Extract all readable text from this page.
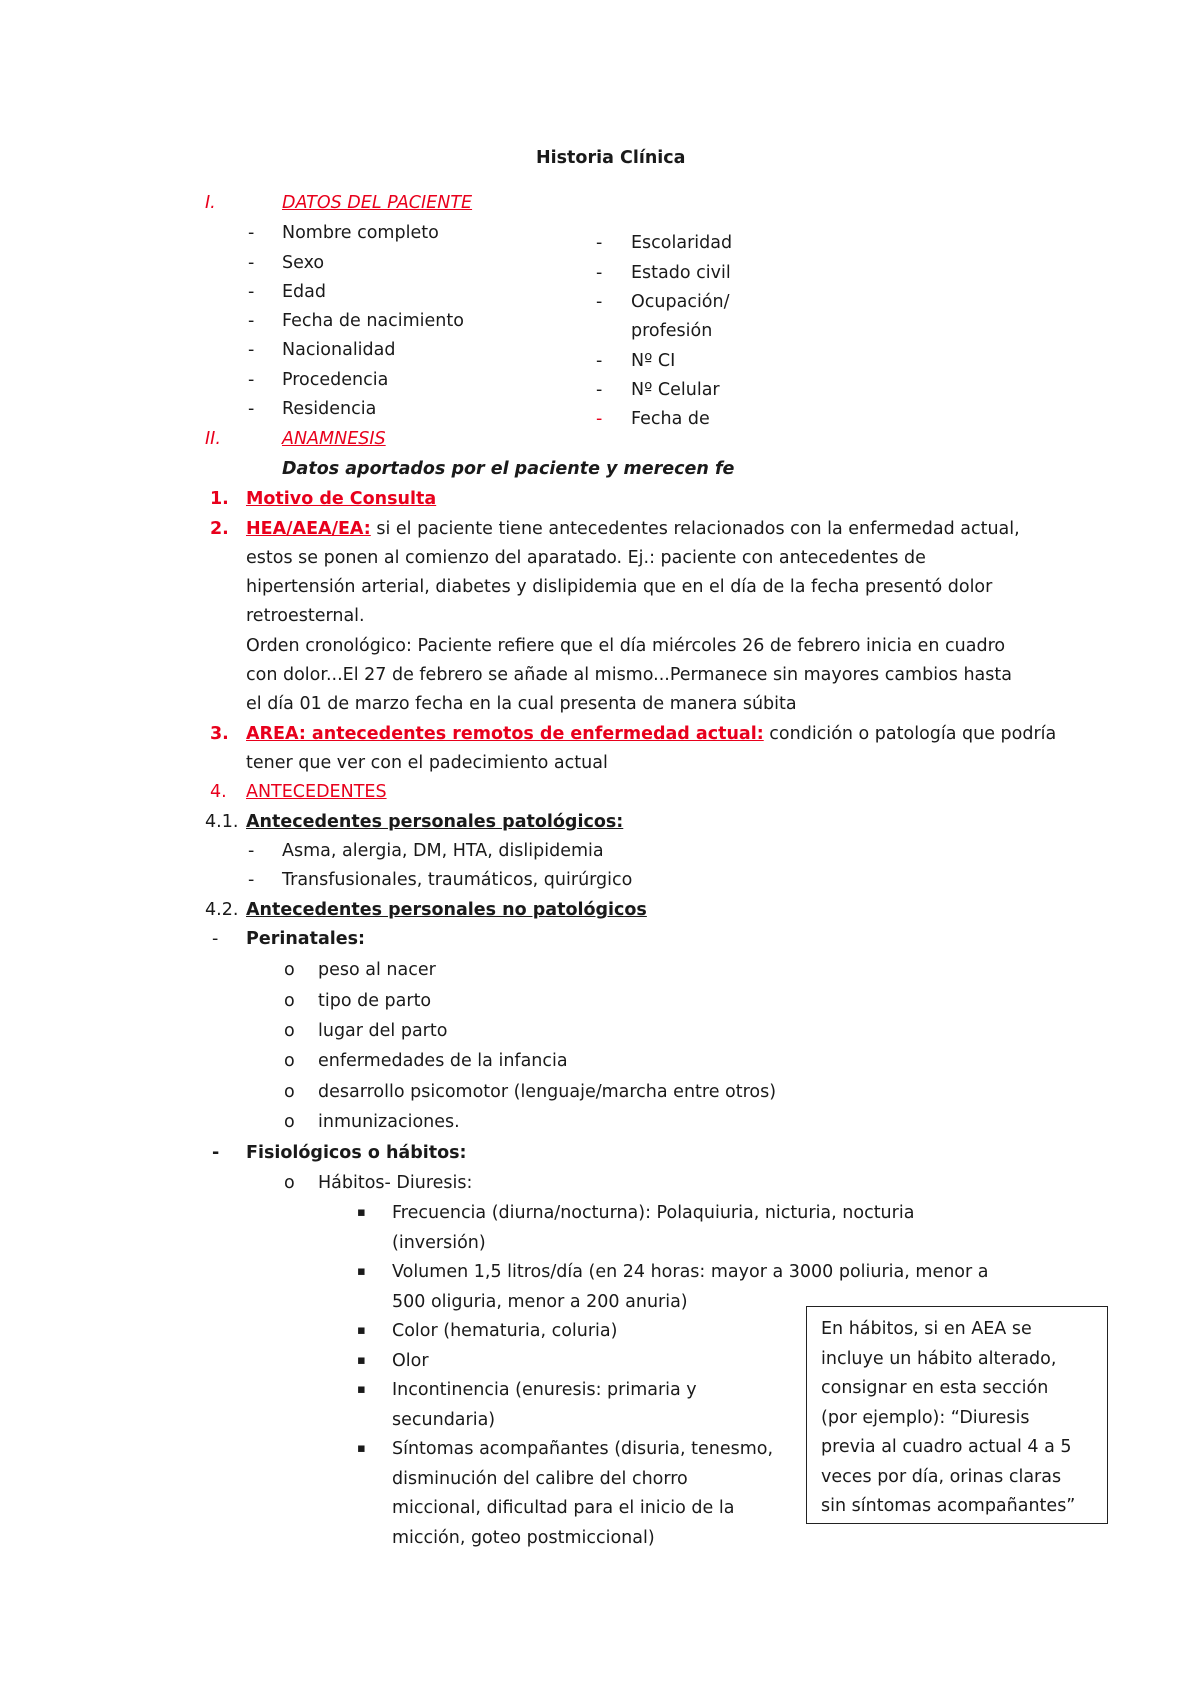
Historia Clínica
I.	DATOS DEL PACIENTE
- Nombre completo
- Sexo
- Edad
- Fecha de nacimiento
- Nacionalidad
- Procedencia
- Residencia
- Escolaridad
- Estado civil
- Ocupación/
profesión
- Nº CI
- Nº Celular
- Fecha de
II.	ANAMNESIS
Datos aportados por el paciente y merecen fe
1. Motivo de Consulta
2. HEA/AEA/EA: si el paciente tiene antecedentes relacionados con la enfermedad actual,
estos se ponen al comienzo del aparatado. Ej.: paciente con antecedentes de
hipertensión arterial, diabetes y dislipidemia que en el día de la fecha presentó dolor
retroesternal.
Orden cronológico: Paciente refiere que el día miércoles 26 de febrero inicia en cuadro
con dolor...El 27 de febrero se añade al mismo...Permanece sin mayores cambios hasta
el día 01 de marzo fecha en la cual presenta de manera súbita
3. AREA: antecedentes remotos de enfermedad actual: condición o patología que podría
tener que ver con el padecimiento actual
4. ANTECEDENTES
4.1. Antecedentes personales patológicos:
- Asma, alergia, DM, HTA, dislipidemia
- Transfusionales, traumáticos, quirúrgico
4.2. Antecedentes personales no patológicos
- Perinatales:
o peso al nacer
o tipo de parto
o lugar del parto
o enfermedades de la infancia
o desarrollo psicomotor (lenguaje/marcha entre otros)
o inmunizaciones.
- Fisiológicos o hábitos:
o Hábitos- Diuresis:
▪ Frecuencia (diurna/nocturna): Polaquiuria, nicturia, nocturia
(inversión)
▪ Volumen 1,5 litros/día (en 24 horas: mayor a 3000 poliuria, menor a
500 oliguria, menor a 200 anuria)
▪ Color (hematuria, coluria)
▪ Olor
▪ Incontinencia (enuresis: primaria y
secundaria)
▪ Síntomas acompañantes (disuria, tenesmo,
disminución del calibre del chorro
miccional, dificultad para el inicio de la
micción, goteo postmiccional)

En hábitos, si en AEA se

incluye un hábito alterado,

consignar en esta sección

(por ejemplo): “Diuresis

previa al cuadro actual 4 a 5

veces por día, orinas claras

sin síntomas acompañantes”
